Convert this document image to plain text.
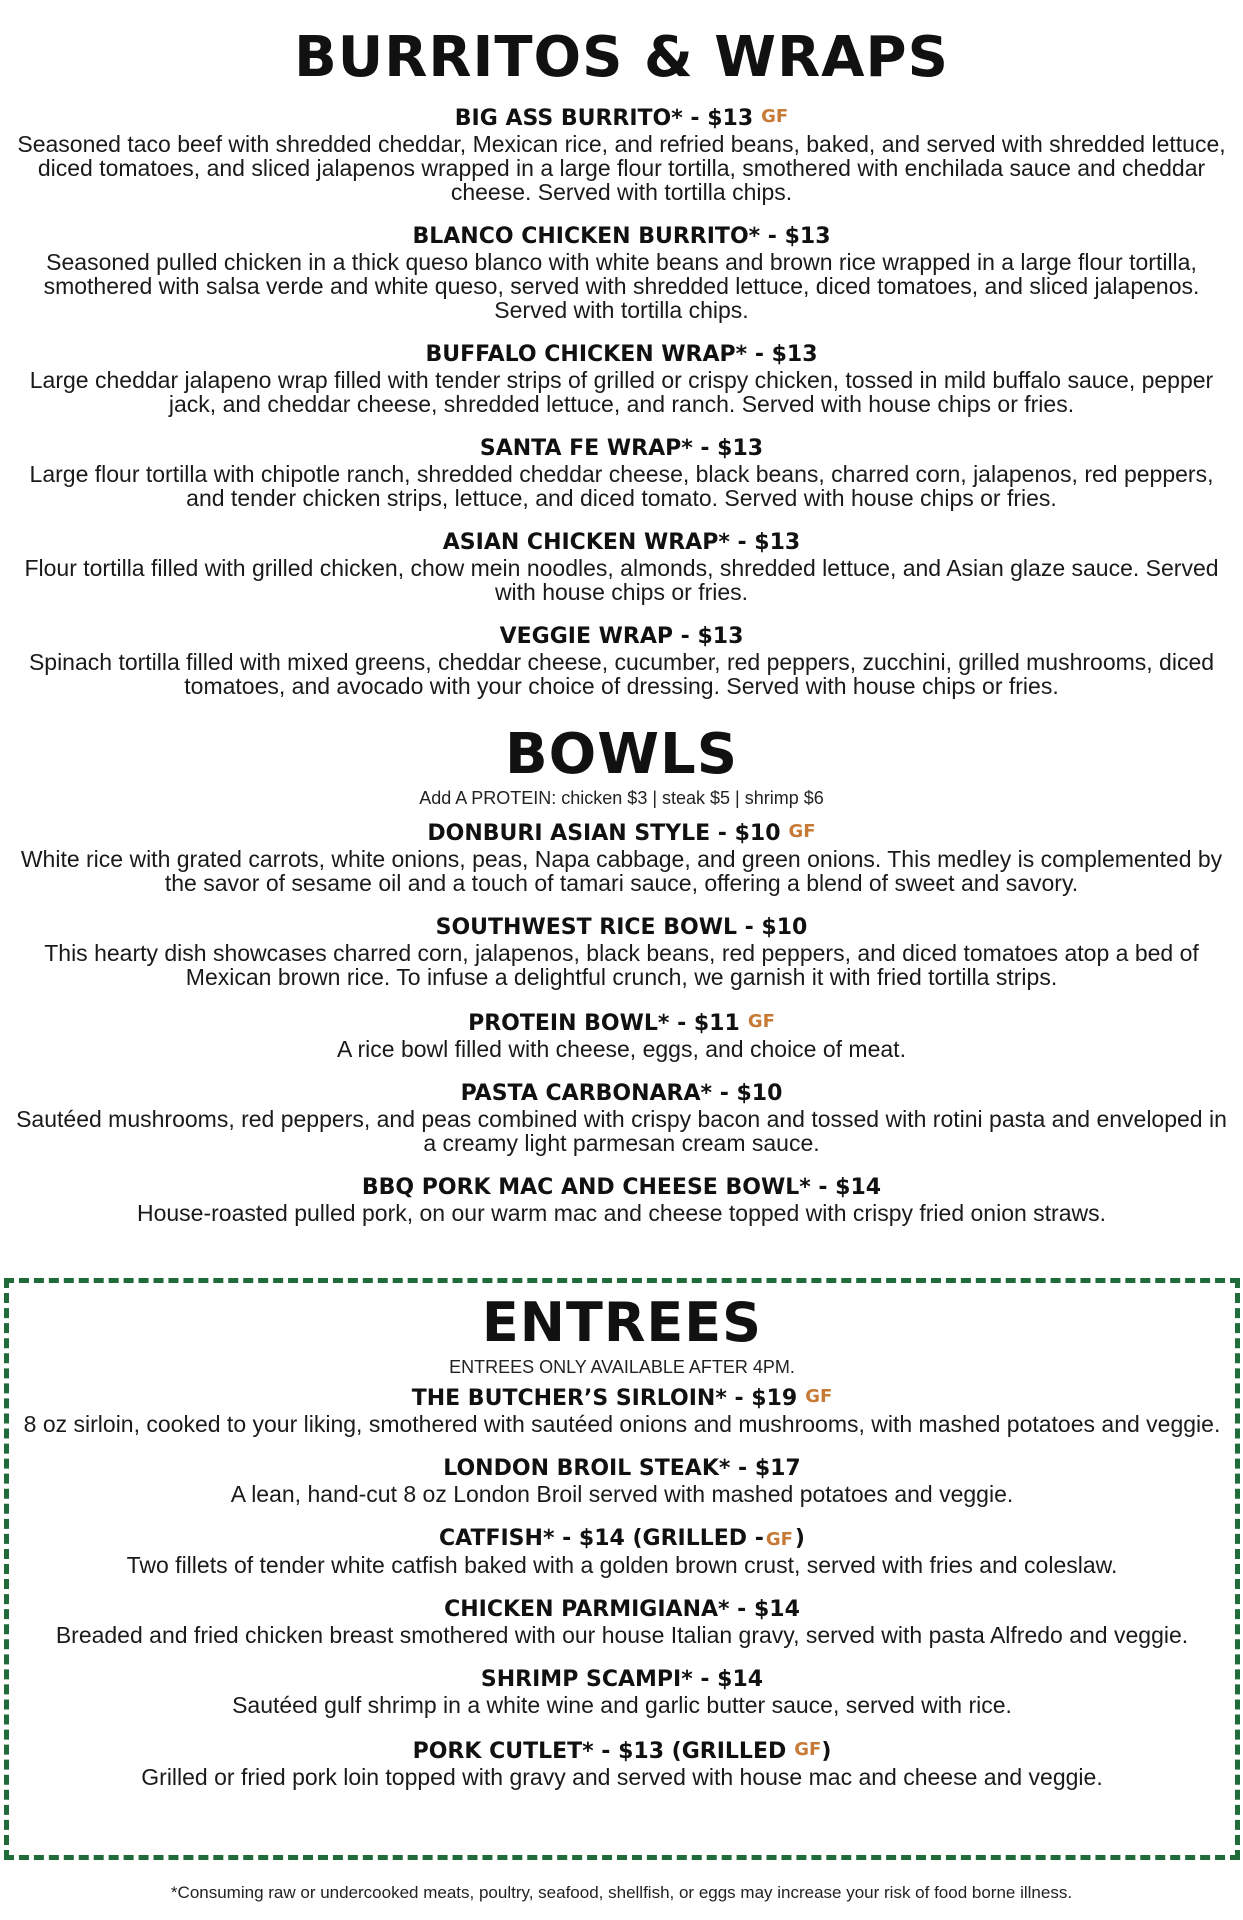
BURRITOS & WRAPS
BIG ASS BURRITO* - $13 GF
Seasoned taco beef with shredded cheddar, Mexican rice, and refried beans, baked, and served with shredded lettuce, diced tomatoes, and sliced jalapenos wrapped in a large flour tortilla, smothered with enchilada sauce and cheddar cheese. Served with tortilla chips.
BLANCO CHICKEN BURRITO* - $13
Seasoned pulled chicken in a thick queso blanco with white beans and brown rice wrapped in a large flour tortilla, smothered with salsa verde and white queso, served with shredded lettuce, diced tomatoes, and sliced jalapenos. Served with tortilla chips.
BUFFALO CHICKEN WRAP* - $13
Large cheddar jalapeno wrap filled with tender strips of grilled or crispy chicken, tossed in mild buffalo sauce, pepper jack, and cheddar cheese, shredded lettuce, and ranch. Served with house chips or fries.
SANTA FE WRAP* - $13
Large flour tortilla with chipotle ranch, shredded cheddar cheese, black beans, charred corn, jalapenos, red peppers, and tender chicken strips, lettuce, and diced tomato. Served with house chips or fries.
ASIAN CHICKEN WRAP* - $13
Flour tortilla filled with grilled chicken, chow mein noodles, almonds, shredded lettuce, and Asian glaze sauce. Served with house chips or fries.
VEGGIE WRAP - $13
Spinach tortilla filled with mixed greens, cheddar cheese, cucumber, red peppers, zucchini, grilled mushrooms, diced tomatoes, and avocado with your choice of dressing. Served with house chips or fries.
BOWLS

Add A PROTEIN: chicken $3 | steak $5 | shrimp $6

DONBURI ASIAN STYLE - $10 GF
White rice with grated carrots, white onions, peas, Napa cabbage, and green onions. This medley is complemented by the savor of sesame oil and a touch of tamari sauce, offering a blend of sweet and savory.
SOUTHWEST RICE BOWL - $10
This hearty dish showcases charred corn, jalapenos, black beans, red peppers, and diced tomatoes atop a bed of Mexican brown rice. To infuse a delightful crunch, we garnish it with fried tortilla strips.
PROTEIN BOWL* - $11 GF
A rice bowl filled with cheese, eggs, and choice of meat.
PASTA CARBONARA* - $10
Sautéed mushrooms, red peppers, and peas combined with crispy bacon and tossed with rotini pasta and enveloped in a creamy light parmesan cream sauce.
BBQ PORK MAC AND CHEESE BOWL* - $14
House-roasted pulled pork, on our warm mac and cheese topped with crispy fried onion straws.
ENTREES

ENTREES ONLY AVAILABLE AFTER 4PM.

THE BUTCHER’S SIRLOIN* - $19 GF
8 oz sirloin, cooked to your liking, smothered with sautéed onions and mushrooms, with mashed potatoes and veggie.
LONDON BROIL STEAK* - $17
A lean, hand-cut 8 oz London Broil served with mashed potatoes and veggie.
CATFISH* - $14 (GRILLED - GF)
Two fillets of tender white catfish baked with a golden brown crust, served with fries and coleslaw.
CHICKEN PARMIGIANA* - $14
Breaded and fried chicken breast smothered with our house Italian gravy, served with pasta Alfredo and veggie.
SHRIMP SCAMPI* - $14
Sautéed gulf shrimp in a white wine and garlic butter sauce, served with rice.
PORK CUTLET* - $13 (GRILLED GF)
Grilled or fried pork loin topped with gravy and served with house mac and cheese and veggie.
*Consuming raw or undercooked meats, poultry, seafood, shellfish, or eggs may increase your risk of food borne illness.
